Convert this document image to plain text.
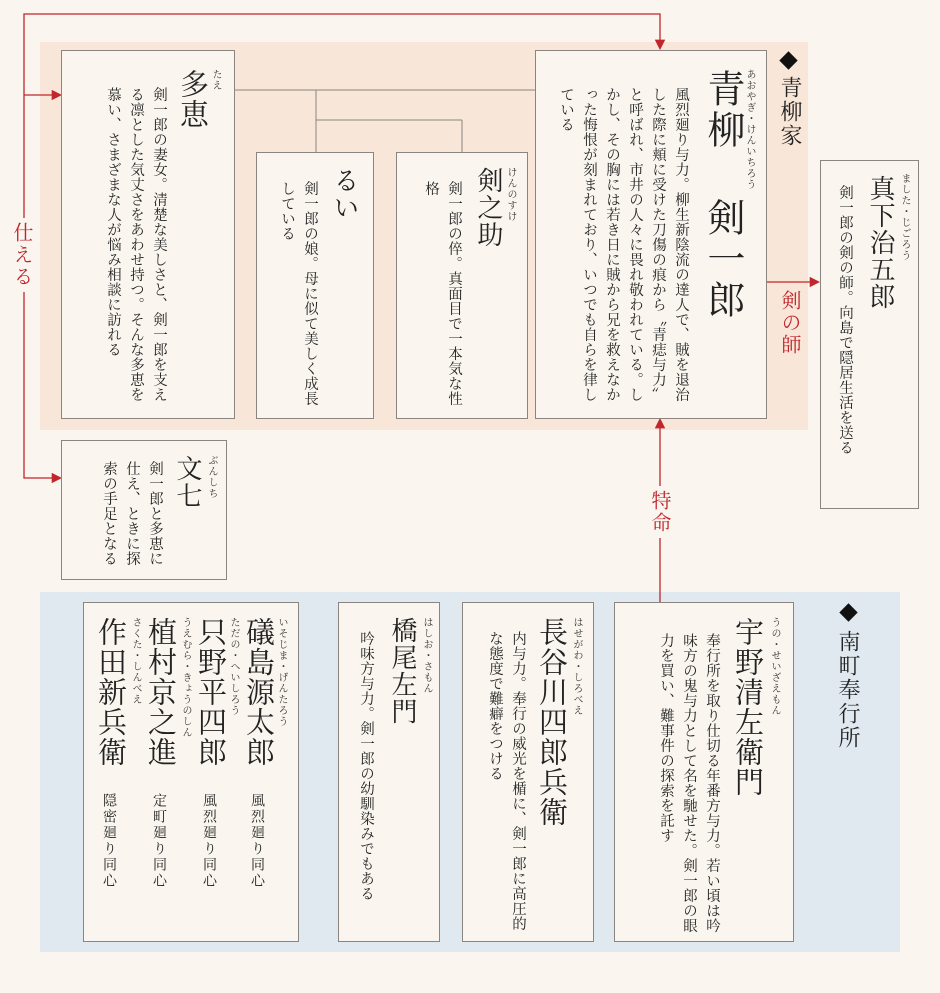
仕える
剣の師
特命
青柳家
南町奉行所
あおやぎ・けんいちろう
青柳 剣一郎
風烈廻り与力。柳生新陰流の達人で、賊を退治した際に頬に受けた刀傷の痕から〝青痣与力〟と呼ばれ、市井の人々に畏れ敬われている。しかし、その胸には若き日に賊から兄を救えなかった悔恨が刻まれており、いつでも自らを律している
たえ
多恵
剣一郎の妻女。清楚な美しさと、剣一郎を支える凛とした気丈さをあわせ持つ。そんな多恵を慕い、さまざまな人が悩み相談に訪れる	るい
剣一郎の娘。母に似て美しく成長している	けんのすけ
剣之助
剣一郎の倅。真面目で一本気な性格
ぶんしち
文七
剣一郎と多恵に仕え、ときに探索の手足となる
ました・じごろう
真下治五郎
剣一郎の剣の師。向島で隠居生活を送る
うの・せいざえもん
宇野清左衛門
奉行所を取り仕切る年番方与力。若い頃は吟味方の鬼与力として名を馳せた。剣一郎の眼力を買い、難事件の探索を託す
はせがわ・しろべえ
長谷川四郎兵衛
内与力。奉行の威光を楯に、剣一郎に高圧的な態度で難癖をつける
はしお・さもん
橋尾左門
吟味方与力。剣一郎の幼馴染みでもある
いそじま・げんたろう
礒島源太郎
風烈廻り同心
ただの・へいしろう
只野平四郎
風烈廻り同心
うえむら・きょうのしん
植村京之進
定町廻り同心
さくた・しんべえ
作田新兵衛
隠密廻り同心
